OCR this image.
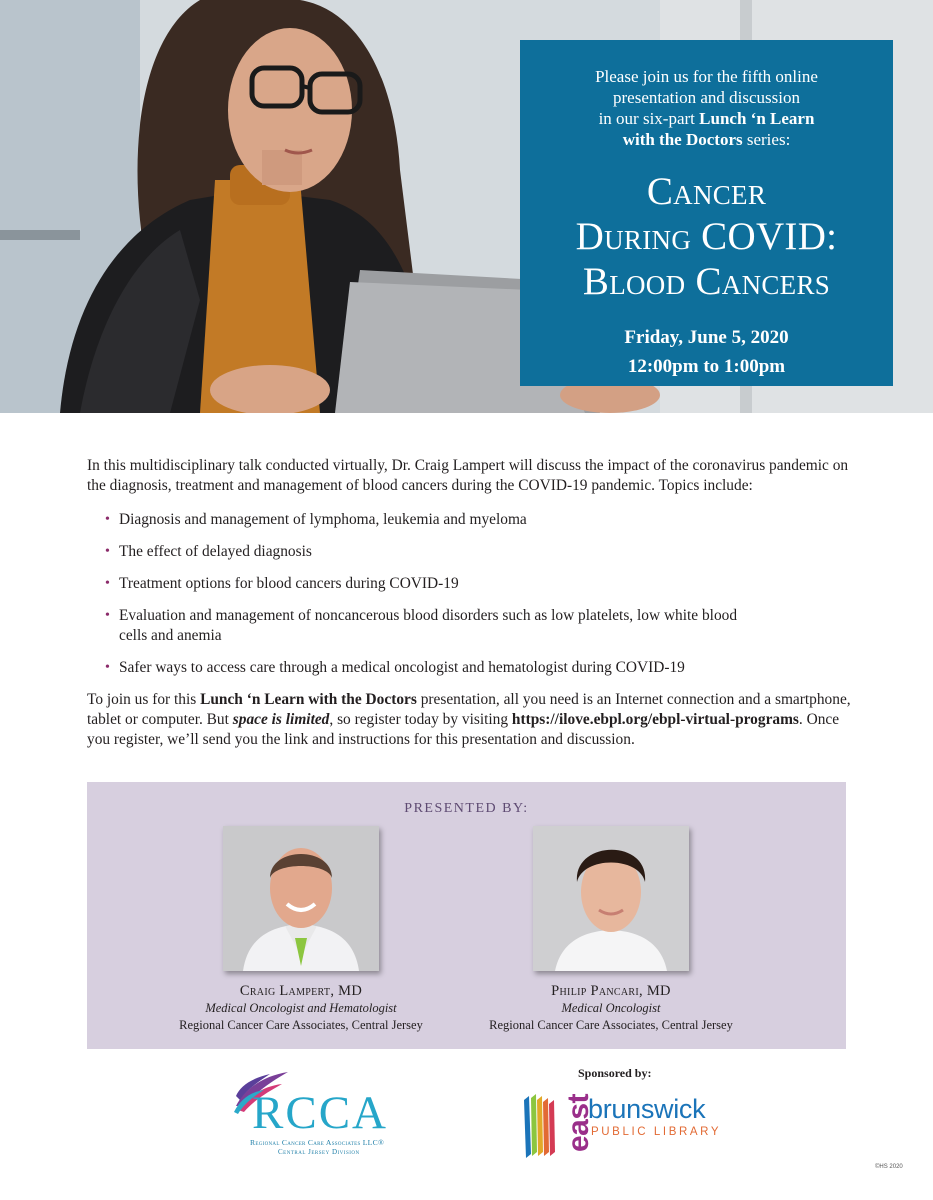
Please join us for the fifth online
presentation and discussion
in our six-part Lunch ‘n Learn
with the Doctors series:
Cancer
During COVID:
Blood Cancers
Friday, June 5, 2020
12:00pm to 1:00pm

In this multidisciplinary talk conducted virtually, Dr. Craig Lampert will discuss the impact of the coronavirus pandemic on the diagnosis, treatment and management of blood cancers during the COVID-19 pandemic. Topics include:

• Diagnosis and management of lymphoma, leukemia and myeloma
• The effect of delayed diagnosis
• Treatment options for blood cancers during COVID-19
• Evaluation and management of noncancerous blood disorders such as low platelets, low white blood cells and anemia
• Safer ways to access care through a medical oncologist and hematologist during COVID-19

To join us for this Lunch ‘n Learn with the Doctors presentation, all you need is an Internet connection and a smartphone, tablet or computer. But space is limited, so register today by visiting https://ilove.ebpl.org/ebpl-virtual-programs. Once you register, we’ll send you the link and instructions for this presentation and discussion.

PRESENTED BY:
Craig Lampert, MD
Medical Oncologist and Hematologist
Regional Cancer Care Associates, Central Jersey
Philip Pancari, MD
Medical Oncologist
Regional Cancer Care Associates, Central Jersey
RCCA
Regional Cancer Care Associates LLC®
Central Jersey Division
Sponsored by:
east
brunswick
PUBLIC LIBRARY
©HS 2020
